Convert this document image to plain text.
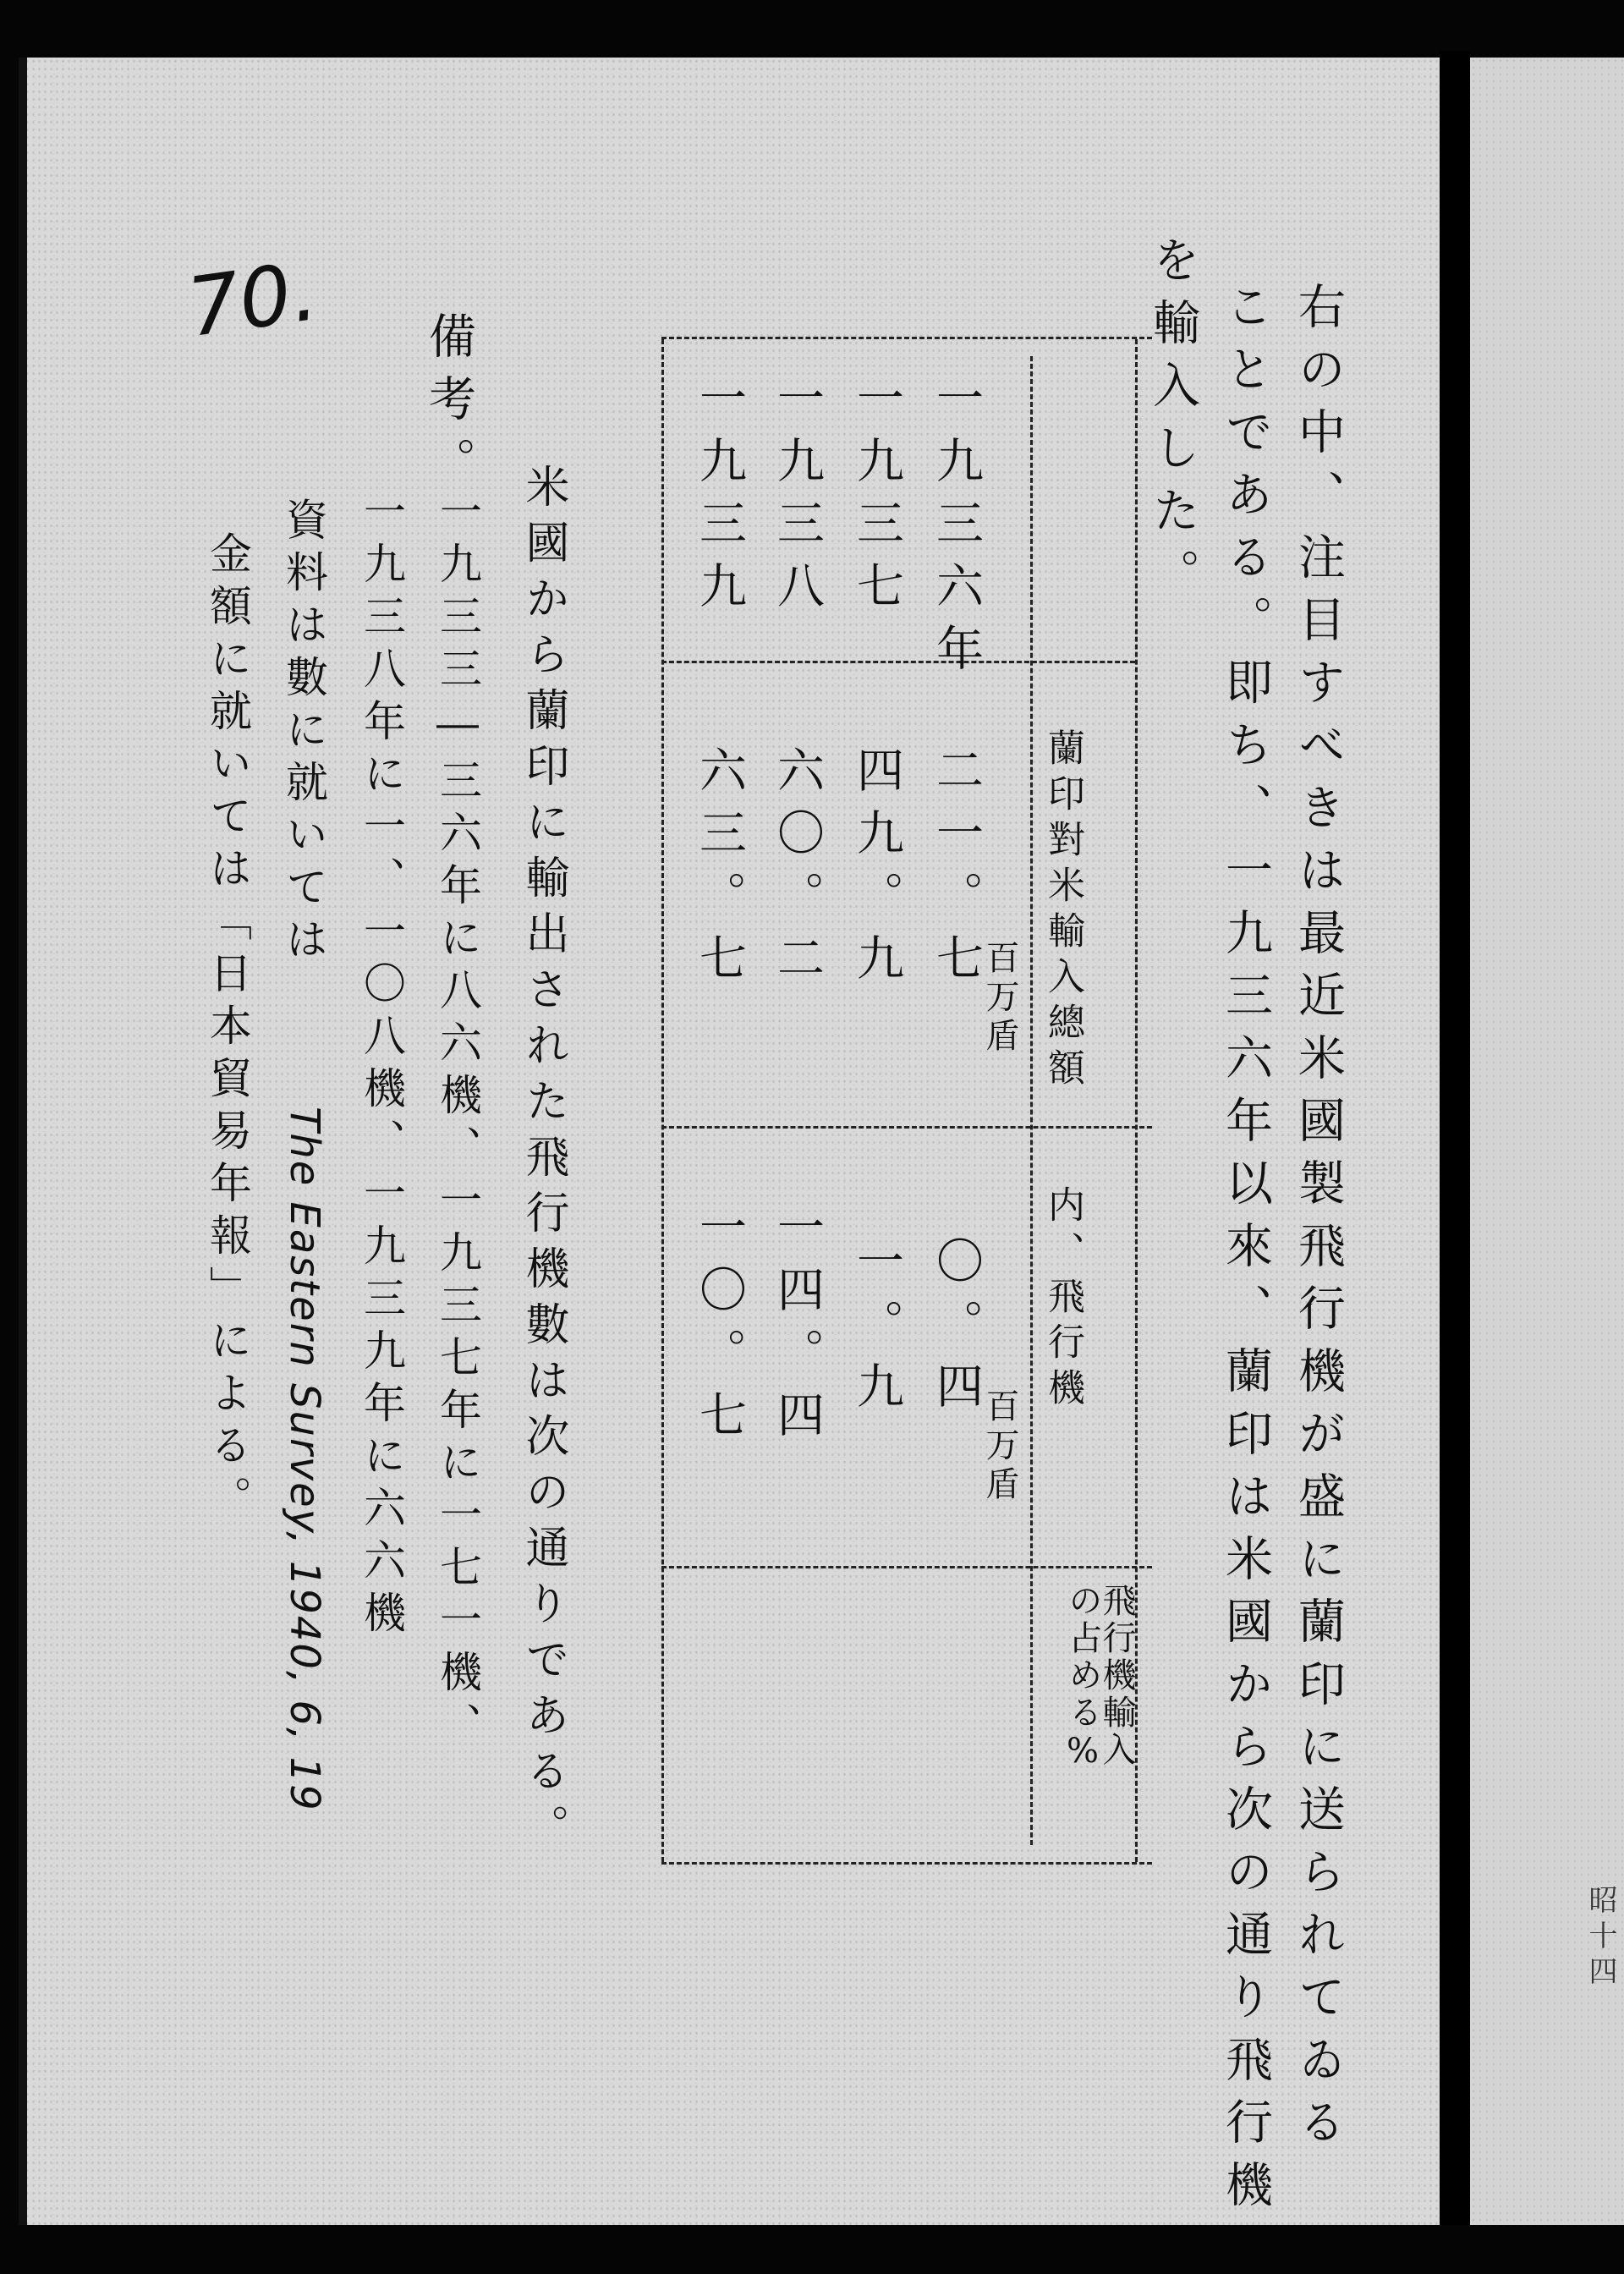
70.	右の中、注目すべきは最近米國製飛行機が盛に蘭印に送られてゐる
ことである。即ち、一九三六年以來、蘭印は米國から次の通り飛行機
を輸入した。
蘭印對米輸入總額
内、飛行機
飛行機輸入の占める%
百万盾
百万盾
一九三六年
二一。七
〇。四
一九三七
四九。九
一。九
一九三八
六〇。二
一四。四
一九三九
六三。七
一〇。七
備考。
米國から蘭印に輸出された飛行機數は次の通りである。
一九三三―三六年に八六機、一九三七年に一七一機、
一九三八年に一、一〇八機、一九三九年に六六機
資料は數に就いては
The Eastern Survey, 1940, 6, 19
金額に就いては「日本貿易年報」による。
昭十四
